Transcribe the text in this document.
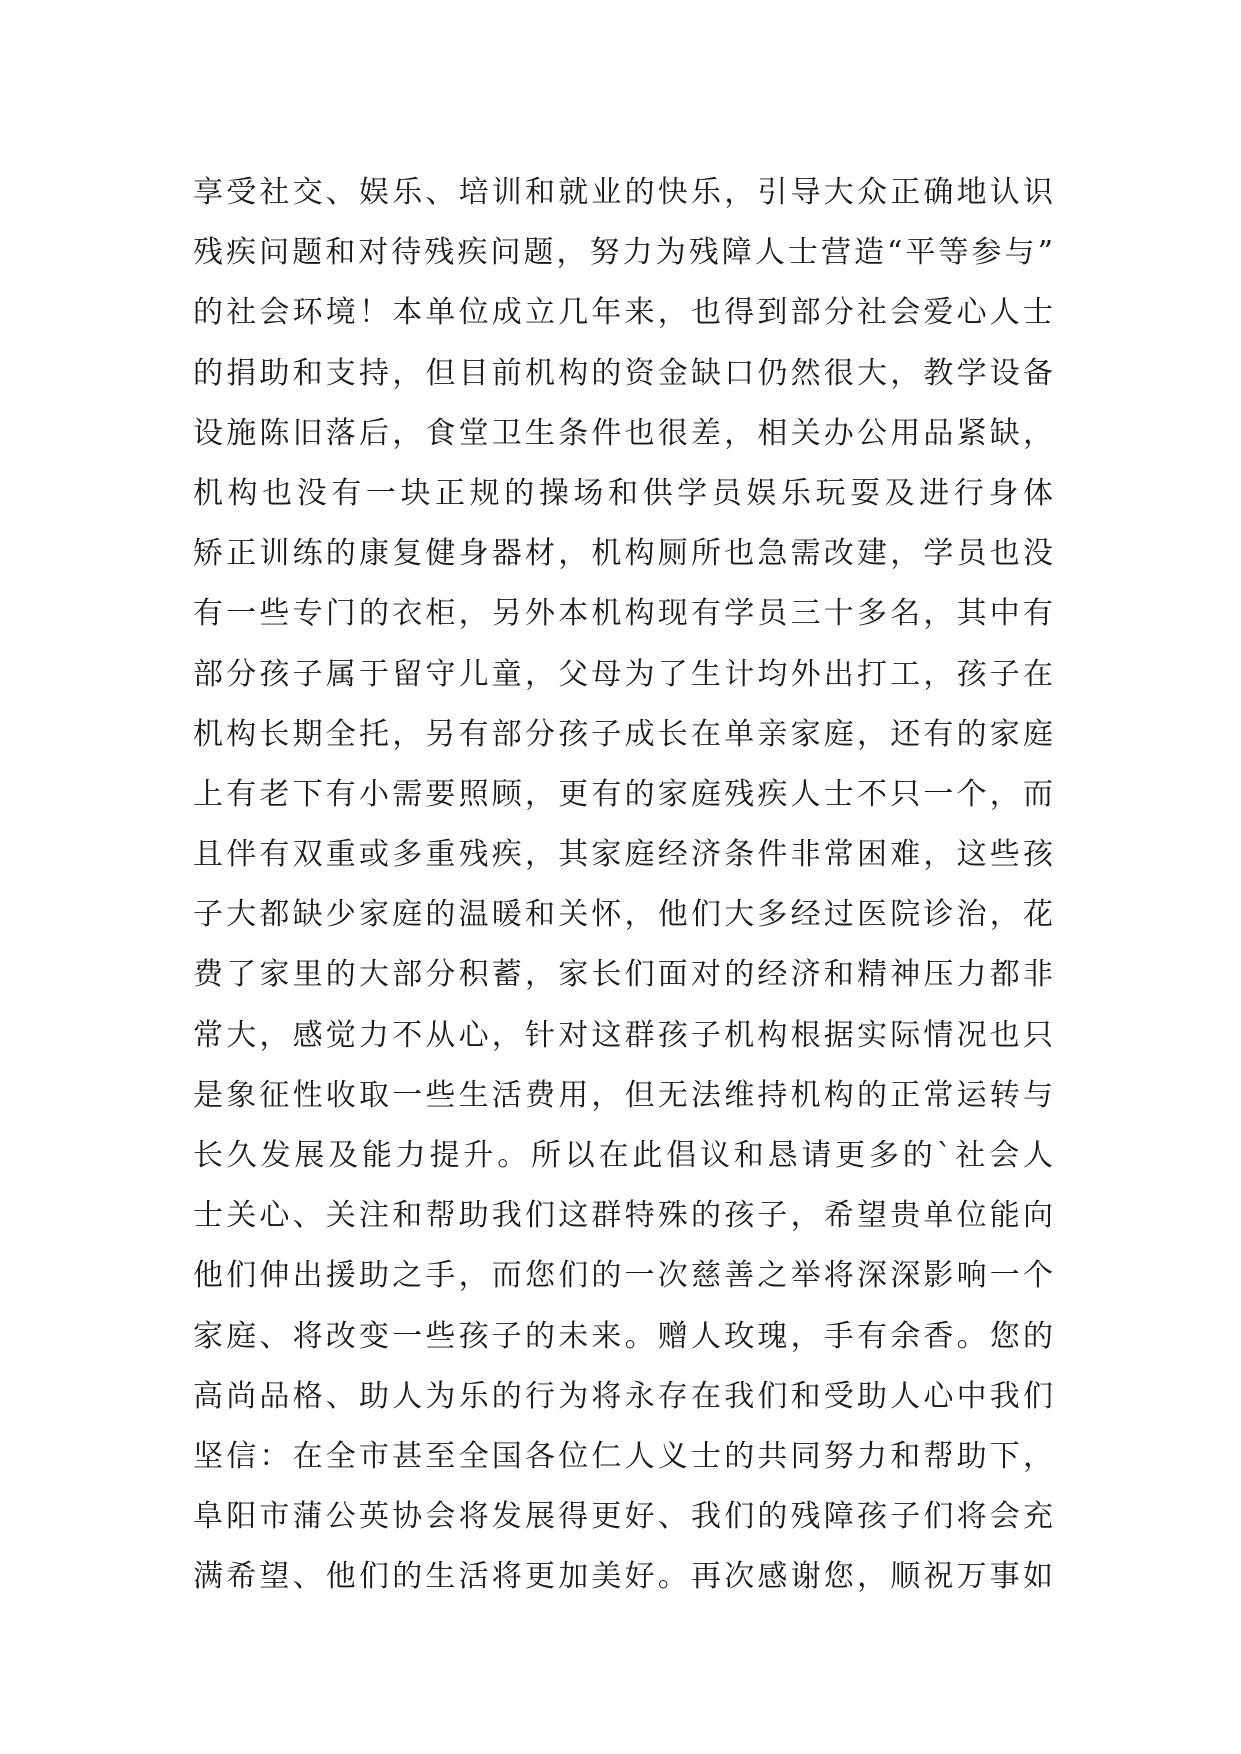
享受社交、娱乐、培训和就业的快乐，引导大众正确地认识
残疾问题和对待残疾问题，努力为残障人士营造“平等参与”
的社会环境！本单位成立几年来，也得到部分社会爱心人士
的捐助和支持，但目前机构的资金缺口仍然很大，教学设备
设施陈旧落后，食堂卫生条件也很差，相关办公用品紧缺，
机构也没有一块正规的操场和供学员娱乐玩耍及进行身体
矫正训练的康复健身器材，机构厕所也急需改建，学员也没
有一些专门的衣柜，另外本机构现有学员三十多名，其中有
部分孩子属于留守儿童，父母为了生计均外出打工，孩子在
机构长期全托，另有部分孩子成长在单亲家庭，还有的家庭
上有老下有小需要照顾，更有的家庭残疾人士不只一个，而
且伴有双重或多重残疾，其家庭经济条件非常困难，这些孩
子大都缺少家庭的温暖和关怀，他们大多经过医院诊治，花
费了家里的大部分积蓄，家长们面对的经济和精神压力都非
常大，感觉力不从心，针对这群孩子机构根据实际情况也只
是象征性收取一些生活费用，但无法维持机构的正常运转与
长久发展及能力提升。所以在此倡议和恳请更多的`社会人
士关心、关注和帮助我们这群特殊的孩子，希望贵单位能向
他们伸出援助之手，而您们的一次慈善之举将深深影响一个
家庭、将改变一些孩子的未来。赠人玫瑰，手有余香。您的
高尚品格、助人为乐的行为将永存在我们和受助人心中我们
坚信：在全市甚至全国各位仁人义士的共同努力和帮助下，
阜阳市蒲公英协会将发展得更好、我们的残障孩子们将会充
满希望、他们的生活将更加美好。再次感谢您，顺祝万事如
